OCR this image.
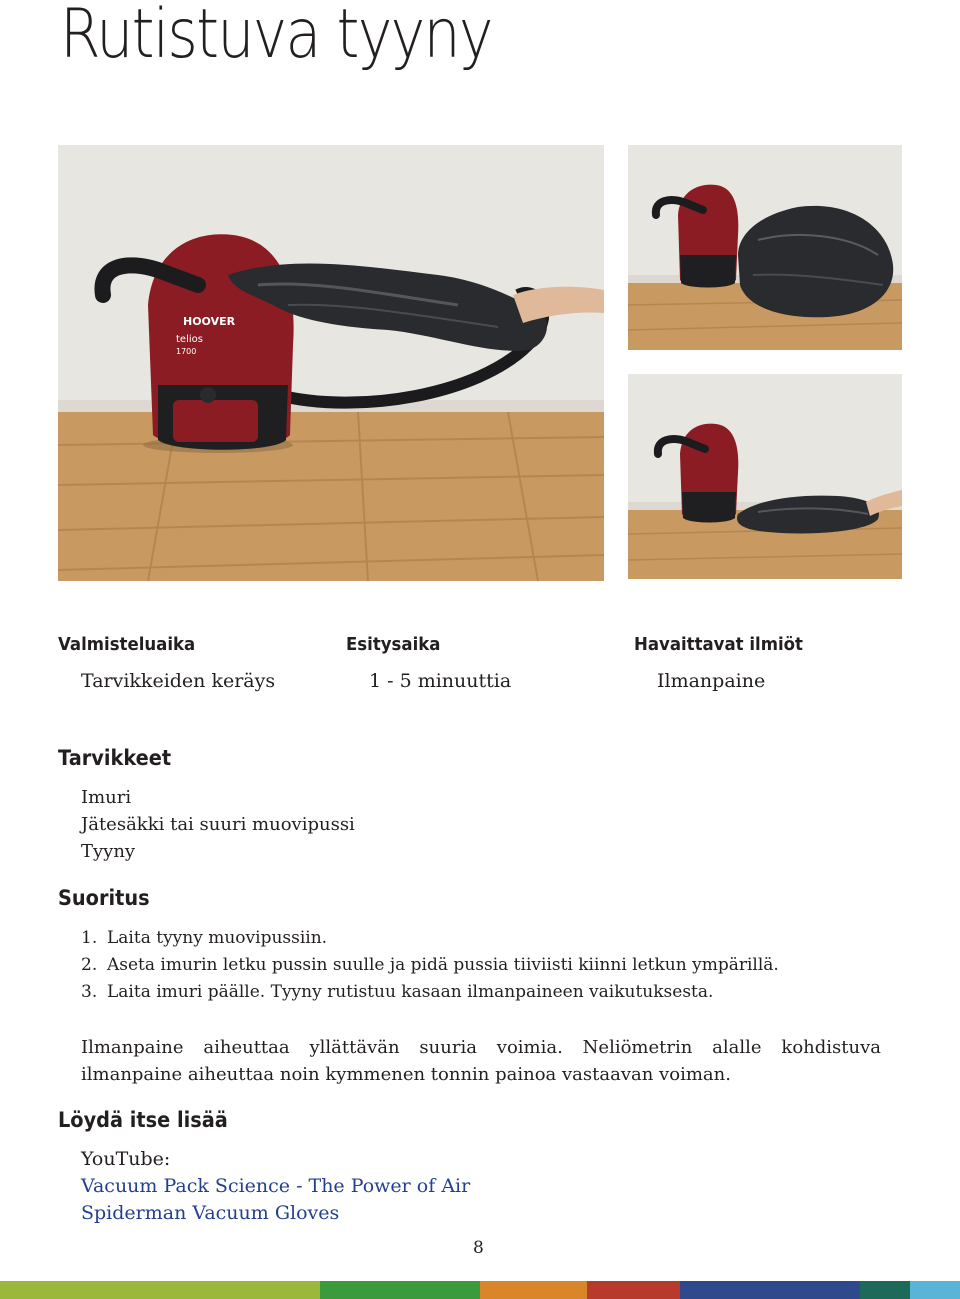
Rutistuva tyyny
HOOVER
telios
1700
Valmisteluaika
Tarvikkeiden keräys
Esitysaika
1 - 5 minuuttia
Havaittavat ilmiöt
Ilmanpaine
Tarvikkeet
Imuri
Jätesäkki tai suuri muovipussi
Tyyny
Suoritus
1. Laita tyyny muovipussiin.
2. Aseta imurin letku pussin suulle ja pidä pussia tiiviisti kiinni letkun ympärillä.
3. Laita imuri päälle. Tyyny rutistuu kasaan ilmanpaineen vaikutuksesta.

Ilmanpaine aiheuttaa yllättävän suuria voimia. Neliömetrin alalle kohdistuva ilmanpaine aiheuttaa noin kymmenen tonnin painoa vastaavan voiman.

Löydä itse lisää
YouTube:
Vacuum Pack Science - The Power of Air
Spiderman Vacuum Gloves
8
